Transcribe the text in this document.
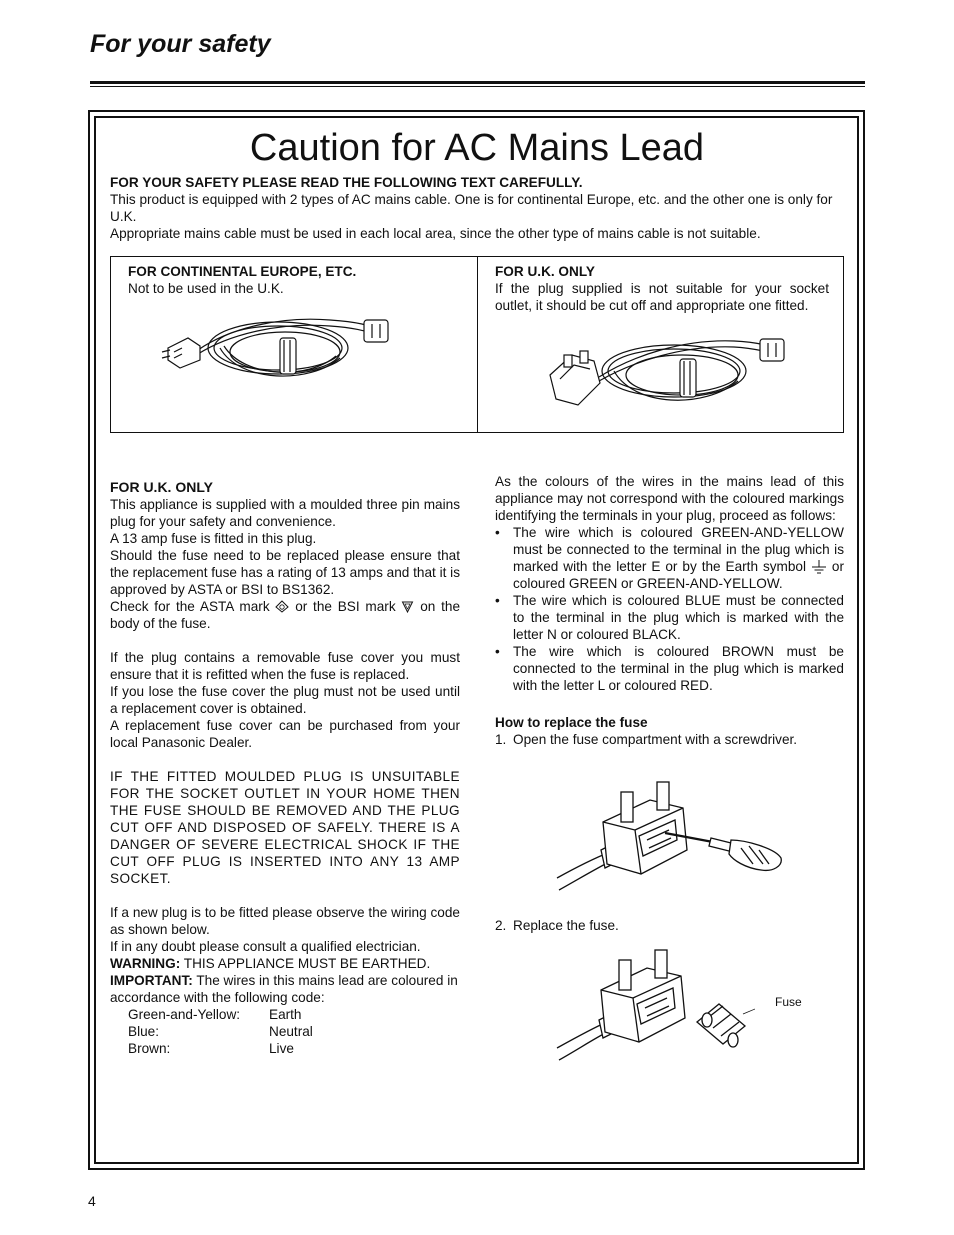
For your safety
Caution for AC Mains Lead
FOR YOUR SAFETY PLEASE READ THE FOLLOWING TEXT CAREFULLY.
This product is equipped with 2 types of AC mains cable. One is for continental Europe, etc. and the other one is only for U.K.
Appropriate mains cable must be used in each local area, since the other type of mains cable is not suitable.
FOR CONTINENTAL EUROPE, ETC.
Not to be used in the U.K.
FOR U.K. ONLY
If the plug supplied is not suitable for your socket outlet, it should be cut off and appropriate one fitted.
FOR U.K. ONLY
This appliance is supplied with a moulded three pin mains plug for your safety and convenience.
A 13 amp fuse is fitted in this plug.
Should the fuse need to be replaced please ensure that the replacement fuse has a rating of 13 amps and that it is approved by ASTA or BSI to BS1362.
Check for the ASTA mark or the BSI mark on the body of the fuse.
If the plug contains a removable fuse cover you must ensure that it is refitted when the fuse is replaced.
If you lose the fuse cover the plug must not be used until a replacement cover is obtained.
A replacement fuse cover can be purchased from your local Panasonic Dealer.
IF THE FITTED MOULDED PLUG IS UNSUITABLE FOR THE SOCKET OUTLET IN YOUR HOME THEN THE FUSE SHOULD BE REMOVED AND THE PLUG CUT OFF AND DISPOSED OF SAFELY. THERE IS A DANGER OF SEVERE ELECTRICAL SHOCK IF THE CUT OFF PLUG IS INSERTED INTO ANY 13 AMP SOCKET.
If a new plug is to be fitted please observe the wiring code as shown below.
If in any doubt please consult a qualified electrician.
WARNING: THIS APPLIANCE MUST BE EARTHED.
IMPORTANT: The wires in this mains lead are coloured in accordance with the following code:
Green-and-Yellow:	Earth
Blue:	Neutral
Brown:	Live
As the colours of the wires in the mains lead of this appliance may not correspond with the coloured markings identifying the terminals in your plug, proceed as follows:
• The wire which is coloured GREEN-AND-YELLOW must be connected to the terminal in the plug which is marked with the letter E or by the Earth symbol or coloured GREEN or GREEN-AND-YELLOW.
• The wire which is coloured BLUE must be connected to the terminal in the plug which is marked with the letter N or coloured BLACK.
• The wire which is coloured BROWN must be connected to the terminal in the plug which is marked with the letter L or coloured RED.
How to replace the fuse
1. Open the fuse compartment with a screwdriver.
2. Replace the fuse.
Fuse
4
